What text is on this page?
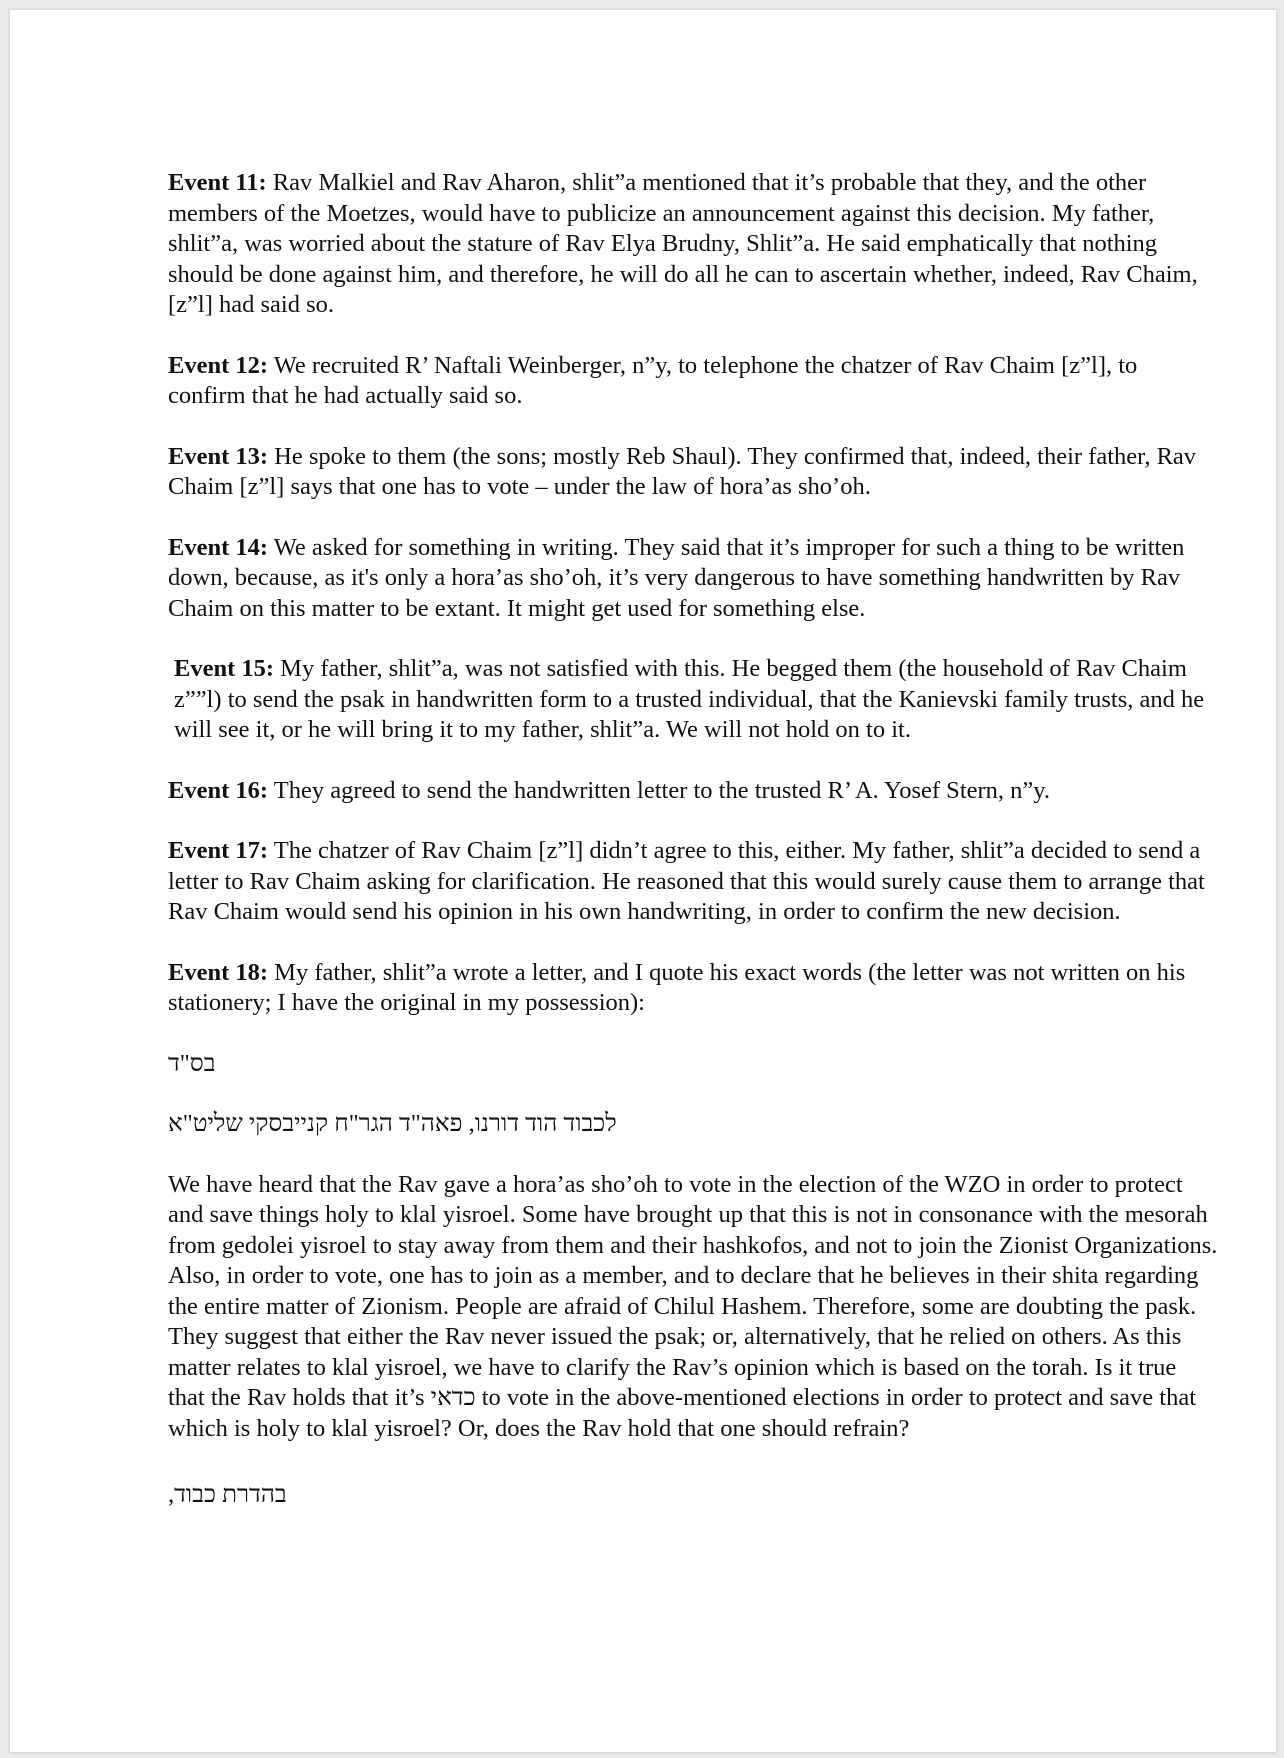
Event 11: Rav Malkiel and Rav Aharon, shlit”a mentioned that it’s probable that they, and the other members of the Moetzes, would have to publicize an announcement against this decision. My father, shlit”a, was worried about the stature of Rav Elya Brudny, Shlit”a. He said emphatically that nothing should be done against him, and therefore, he will do all he can to ascertain whether, indeed, Rav Chaim, [z”l] had said so.

Event 12: We recruited R’ Naftali Weinberger, n”y, to telephone the chatzer of Rav Chaim [z”l], to confirm that he had actually said so.

Event 13: He spoke to them (the sons; mostly Reb Shaul). They confirmed that, indeed, their father, Rav Chaim [z”l] says that one has to vote – under the law of hora’as sho’oh.

Event 14: We asked for something in writing. They said that it’s improper for such a thing to be written down, because, as it's only a hora’as sho’oh, it’s very dangerous to have something handwritten by Rav Chaim on this matter to be extant. It might get used for something else.

Event 15: My father, shlit”a, was not satisfied with this. He begged them (the household of Rav Chaim z””l) to send the psak in handwritten form to a trusted individual, that the Kanievski family trusts, and he will see it, or he will bring it to my father, shlit”a. We will not hold on to it.

Event 16: They agreed to send the handwritten letter to the trusted R’ A. Yosef Stern, n”y.

Event 17: The chatzer of Rav Chaim [z”l] didn’t agree to this, either. My father, shlit”a decided to send a letter to Rav Chaim asking for clarification. He reasoned that this would surely cause them to arrange that Rav Chaim would send his opinion in his own handwriting, in order to confirm the new decision.

Event 18: My father, shlit”a wrote a letter, and I quote his exact words (the letter was not written on his stationery; I have the original in my possession):

בס"ד

לכבוד הוד דורנו, פאה"ד הגר"ח קנייבסקי שליט"א

We have heard that the Rav gave a hora’as sho’oh to vote in the election of the WZO in order to protect and save things holy to klal yisroel. Some have brought up that this is not in consonance with the mesorah from gedolei yisroel to stay away from them and their hashkofos, and not to join the Zionist Organizations. Also, in order to vote, one has to join as a member, and to declare that he believes in their shita regarding the entire matter of Zionism. People are afraid of Chilul Hashem. Therefore, some are doubting the pask. They suggest that either the Rav never issued the psak; or, alternatively, that he relied on others. As this matter relates to klal yisroel, we have to clarify the Rav’s opinion which is based on the torah. Is it true that the Rav holds that it’s כדאי to vote in the above-mentioned elections in order to protect and save that which is holy to klal yisroel? Or, does the Rav hold that one should refrain?

בהדרת כבוד,
